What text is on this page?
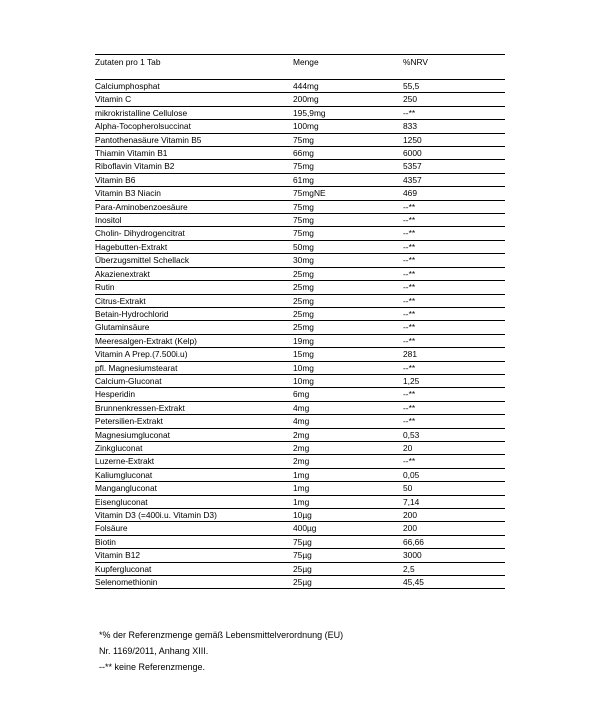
Zutaten pro 1 Tab	Menge	%NRV

Calciumphosphat	444mg	55,5
Vitamin C	200mg	250
mikrokristalline Cellulose	195,9mg	--**
Alpha-Tocopherolsuccinat	100mg	833
Pantothenasäure Vitamin B5	75mg	1250
Thiamin Vitamin B1	66mg	6000
Riboflavin Vitamin B2	75mg	5357
Vitamin B6	61mg	4357
Vitamin B3 Niacin	75mgNE	469
Para-Aminobenzoesäure	75mg	--**
Inositol	75mg	--**
Cholin- Dihydrogencitrat	75mg	--**
Hagebutten-Extrakt	50mg	--**
Überzugsmittel Schellack	30mg	--**
Akazienextrakt	25mg	--**
Rutin	25mg	--**
Citrus-Extrakt	25mg	--**
Betain-Hydrochlorid	25mg	--**
Glutaminsäure	25mg	--**
Meeresalgen-Extrakt (Kelp)	19mg	--**
Vitamin A Prep.(7.500i.u)	15mg	281
pfl. Magnesiumstearat	10mg	--**
Calcium-Gluconat	10mg	1,25
Hesperidin	6mg	--**
Brunnenkressen-Extrakt	4mg	--**
Petersilien-Extrakt	4mg	--**
Magnesiumgluconat	2mg	0,53
Zinkgluconat	2mg	20
Luzerne-Extrakt	2mg	--**
Kaliumgluconat	1mg	0,05
Mangangluconat	1mg	50
Eisengluconat	1mg	7,14
Vitamin D3 (=400i.u. Vitamin D3)	10µg	200
Folsäure	400µg	200
Biotin	75µg	66,66
Vitamin B12	75µg	3000
Kupfergluconat	25µg	2,5
Selenomethionin	25µg	45,45
*% der Referenzmenge gemäß Lebensmittelverordnung (EU)
Nr. 1169/2011, Anhang XIII.
--** keine Referenzmenge.
